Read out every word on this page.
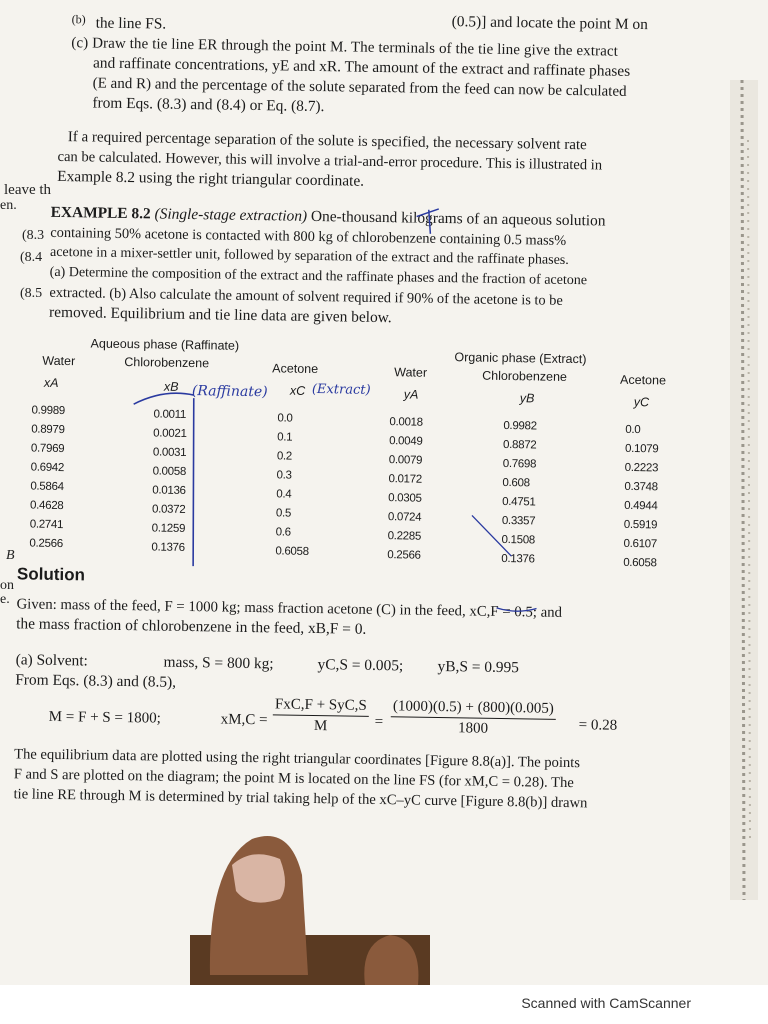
(b) the line FS.	(0.5)] and locate the point M on
(c) Draw the tie line ER through the point M. The terminals of the tie line give the extract
and raffinate concentrations, yE and xR. The amount of the extract and raffinate phases
(E and R) and the percentage of the solute separated from the feed can now be calculated
from Eqs. (8.3) and (8.4) or Eq. (8.7).
If a required percentage separation of the solute is specified, the necessary solvent rate
can be calculated. However, this will involve a trial-and-error procedure. This is illustrated in
Example 8.2 using the right triangular coordinate.
EXAMPLE 8.2 (Single-stage extraction) One-thousand kilograms of an aqueous solution
containing 50% acetone is contacted with 800 kg of chlorobenzene containing 0.5 mass%
acetone in a mixer-settler unit, followed by separation of the extract and the raffinate phases.
(a) Determine the composition of the extract and the raffinate phases and the fraction of acetone
extracted. (b) Also calculate the amount of solvent required if 90% of the acetone is to be
removed. Equilibrium and tie line data are given below.
Aqueous phase (Raffinate)
Organic phase (Extract)
Water	Chlorobenzene	Acetone	Water	Chlorobenzene	Acetone
xA	xB	xC	yA	yB	yC
0.9989	0.0011	0.0	0.0018	0.9982	0.0
0.8979	0.0021	0.1	0.0049	0.8872	0.1079
0.7969	0.0031	0.2	0.0079	0.7698	0.2223
0.6942	0.0058	0.3	0.0172	0.608	0.3748
0.5864	0.0136	0.4	0.0305	0.4751	0.4944
0.4628	0.0372	0.5	0.0724	0.3357	0.5919
0.2741	0.1259	0.6	0.2285	0.1508	0.6107
0.2566	0.1376	0.6058	0.2566	0.1376	0.6058
Solution
Given: mass of the feed, F = 1000 kg; mass fraction acetone (C) in the feed, xC,F = 0.5; and
the mass fraction of chlorobenzene in the feed, xB,F = 0.
(a) Solvent:	mass, S = 800 kg;	yC,S = 0.005; yB,S = 0.995
From Eqs. (8.3) and (8.5),
M = F + S = 1800;	$xM,C = \frac{\text{FxC,F + SyC,S}}{M} = \frac{(1000)(0.5) + (800)(0.005)}{1800} = 0.28$
The equilibrium data are plotted using the right triangular coordinates [Figure 8.8(a)]. The points
F and S are plotted on the diagram; the point M is located on the line FS (for xM,C = 0.28). The
tie line RE through M is determined by trial taking help of the xC–yC curve [Figure 8.8(b)] drawn
(Raffinate)	(Extract)
leave th
en.
(8.3
(8.4
(8.5
B
on
e.
Scanned with CamScanner
